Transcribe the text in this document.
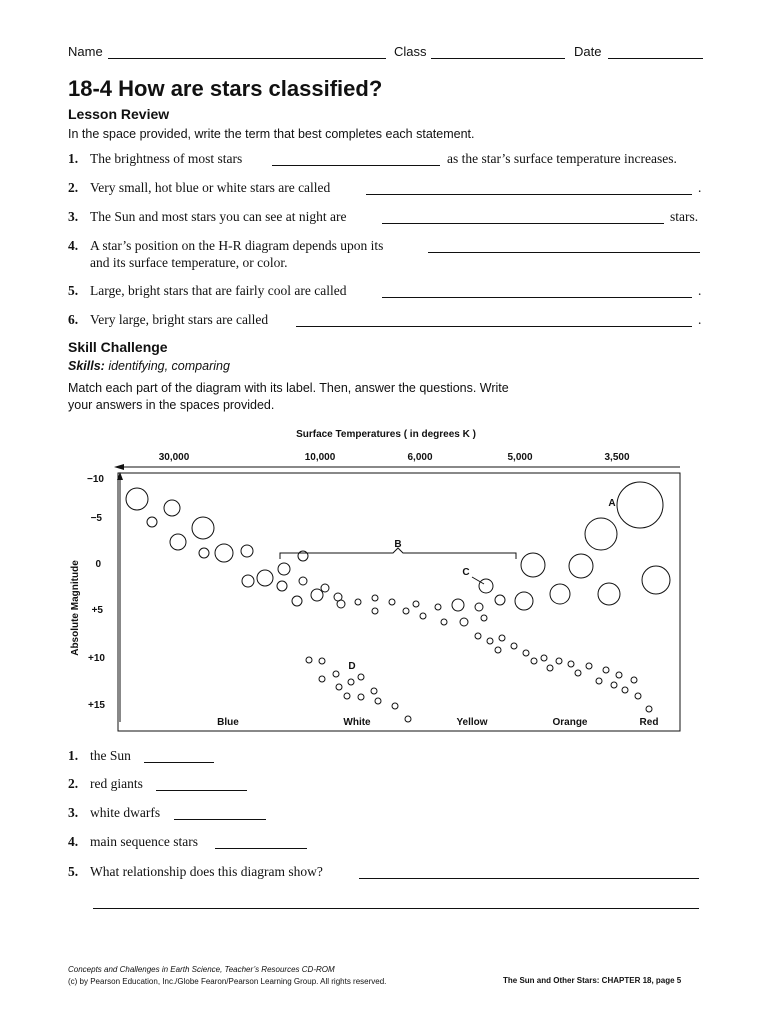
Name	Class	Date
18-4 How are stars classified?
Lesson Review
In the space provided, write the term that best completes each statement.
1. The brightness of most stars	as the star’s surface temperature increases.
2. Very small, hot blue or white stars are called	.
3. The Sun and most stars you can see at night are	stars.
4. A star’s position on the H-R diagram depends upon its
and its surface temperature, or color.
5. Large, bright stars that are fairly cool are called	.
6. Very large, bright stars are called	.
Skill Challenge
Skills: identifying, comparing
Match each part of the diagram with its label. Then, answer the questions. Write
your answers in the spaces provided.
Surface Temperatures ( in degrees K )
30,000	10,000	6,000	5,000	3,500
−10
−5
0
+5
+10
+15
Absolute Magnitude
Blue	White	Yellow	Orange	Red
A
B
C
D
1. the Sun
2. red giants
3. white dwarfs
4. main sequence stars
5. What relationship does this diagram show?
Concepts and Challenges in Earth Science, Teacher’s Resources CD-ROM
(c) by Pearson Education, Inc./Globe Fearon/Pearson Learning Group. All rights reserved.	The Sun and Other Stars: CHAPTER 18, page 5
